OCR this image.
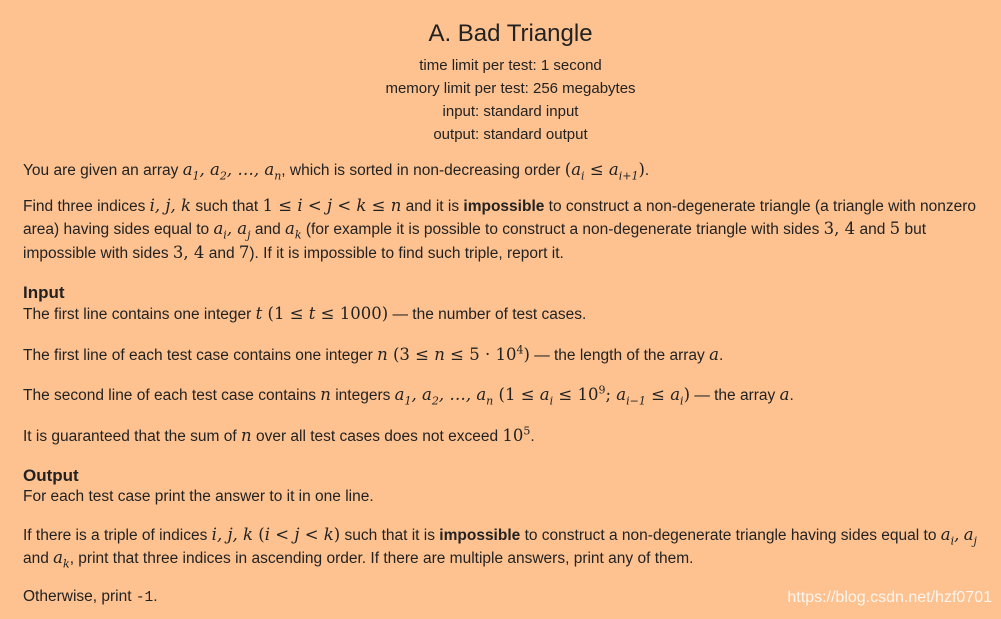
A. Bad Triangle
time limit per test: 1 second
memory limit per test: 256 megabytes
input: standard input
output: standard output

You are given an array $a_1$, $a_2$, …, $a_n$, which is sorted in non-decreasing order $(a_i \le a_{i+1})$.

Find three indices i, j, k such that 1 ≤ i < j < k ≤ n and it is impossible to construct a non-degenerate triangle (a triangle with nonzero area) having sides equal to $a_i$, $a_j$ and $a_k$ (for example it is possible to construct a non-degenerate triangle with sides 3, 4 and 5 but impossible with sides 3, 4 and 7). If it is impossible to find such triple, report it.

Input

The first line contains one integer t (1 ≤ t ≤ 1000) — the number of test cases.

The first line of each test case contains one integer n $(3 \le n \le 5 \cdot 10^4)$ — the length of the array a.

The second line of each test case contains n integers $a_1$, $a_2$, …, $a_n$ ($1 \le a_i \le 10^9$; $a_{i-1} \le a_i$) — the array a.

It is guaranteed that the sum of n over all test cases does not exceed $10^5$.

Output

For each test case print the answer to it in one line.

If there is a triple of indices i, j, k (i < j < k) such that it is impossible to construct a non-degenerate triangle having sides equal to $a_i$, $a_j$ and $a_k$, print that three indices in ascending order. If there are multiple answers, print any of them.

Otherwise, print -1.	https://blog.csdn.net/hzf0701
